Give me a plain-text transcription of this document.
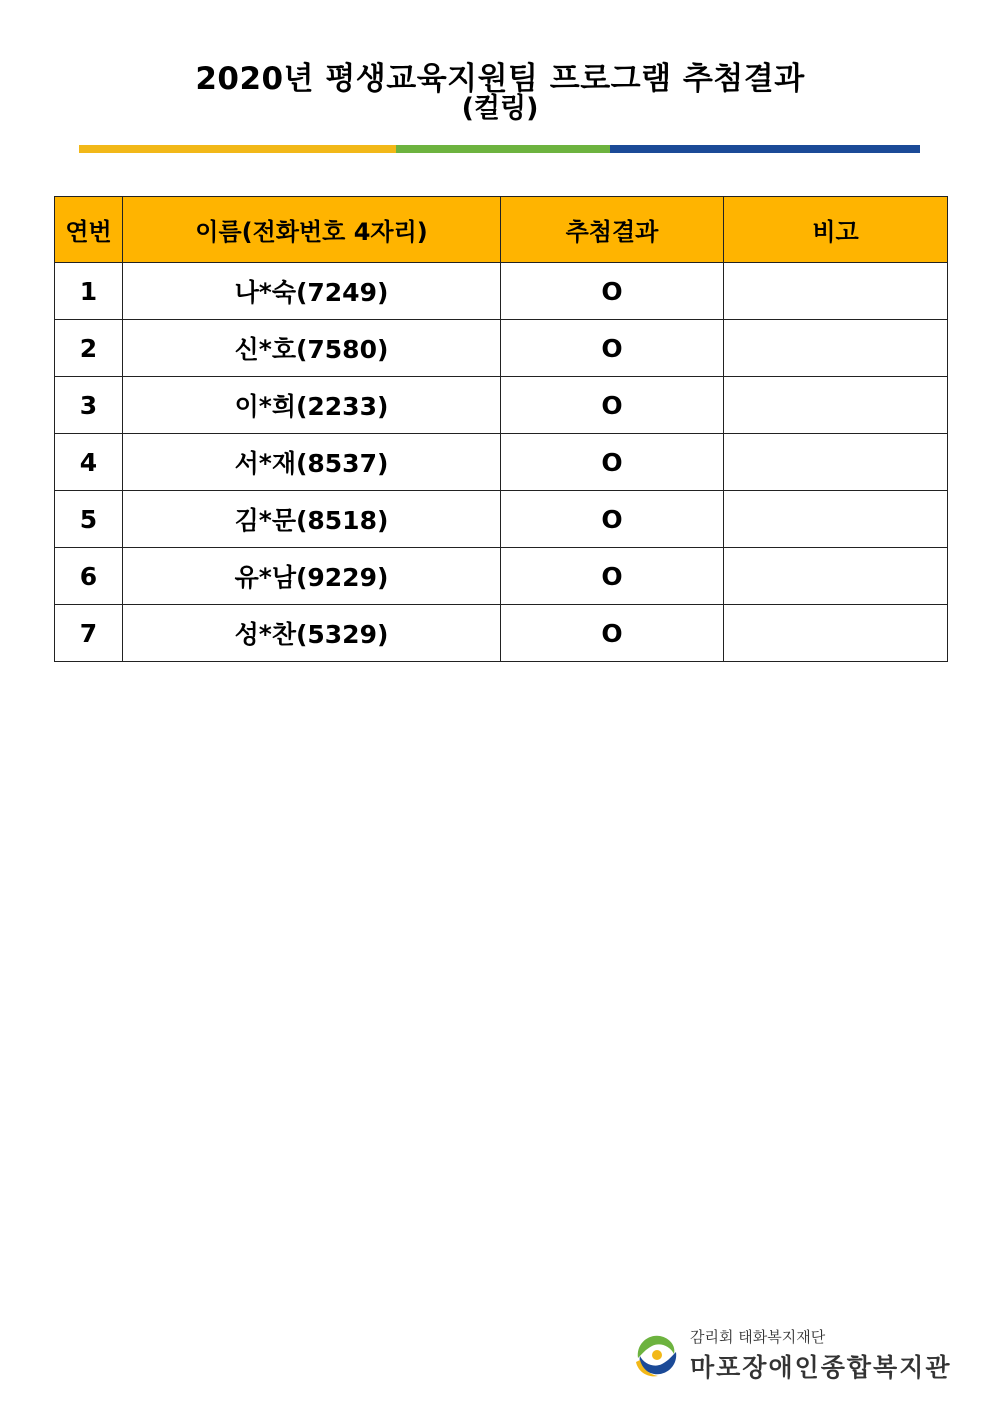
2020년 평생교육지원팀 프로그램 추첨결과
(컬링)
연번	이름(전화번호 4자리)	추첨결과	비고
1	나*숙(7249)	O	
2	신*호(7580)	O	
3	이*희(2233)	O	
4	서*재(8537)	O	
5	김*문(8518)	O	
6	유*남(9229)	O	
7	성*찬(5329)	O	
감리회 태화복지재단
마포장애인종합복지관
